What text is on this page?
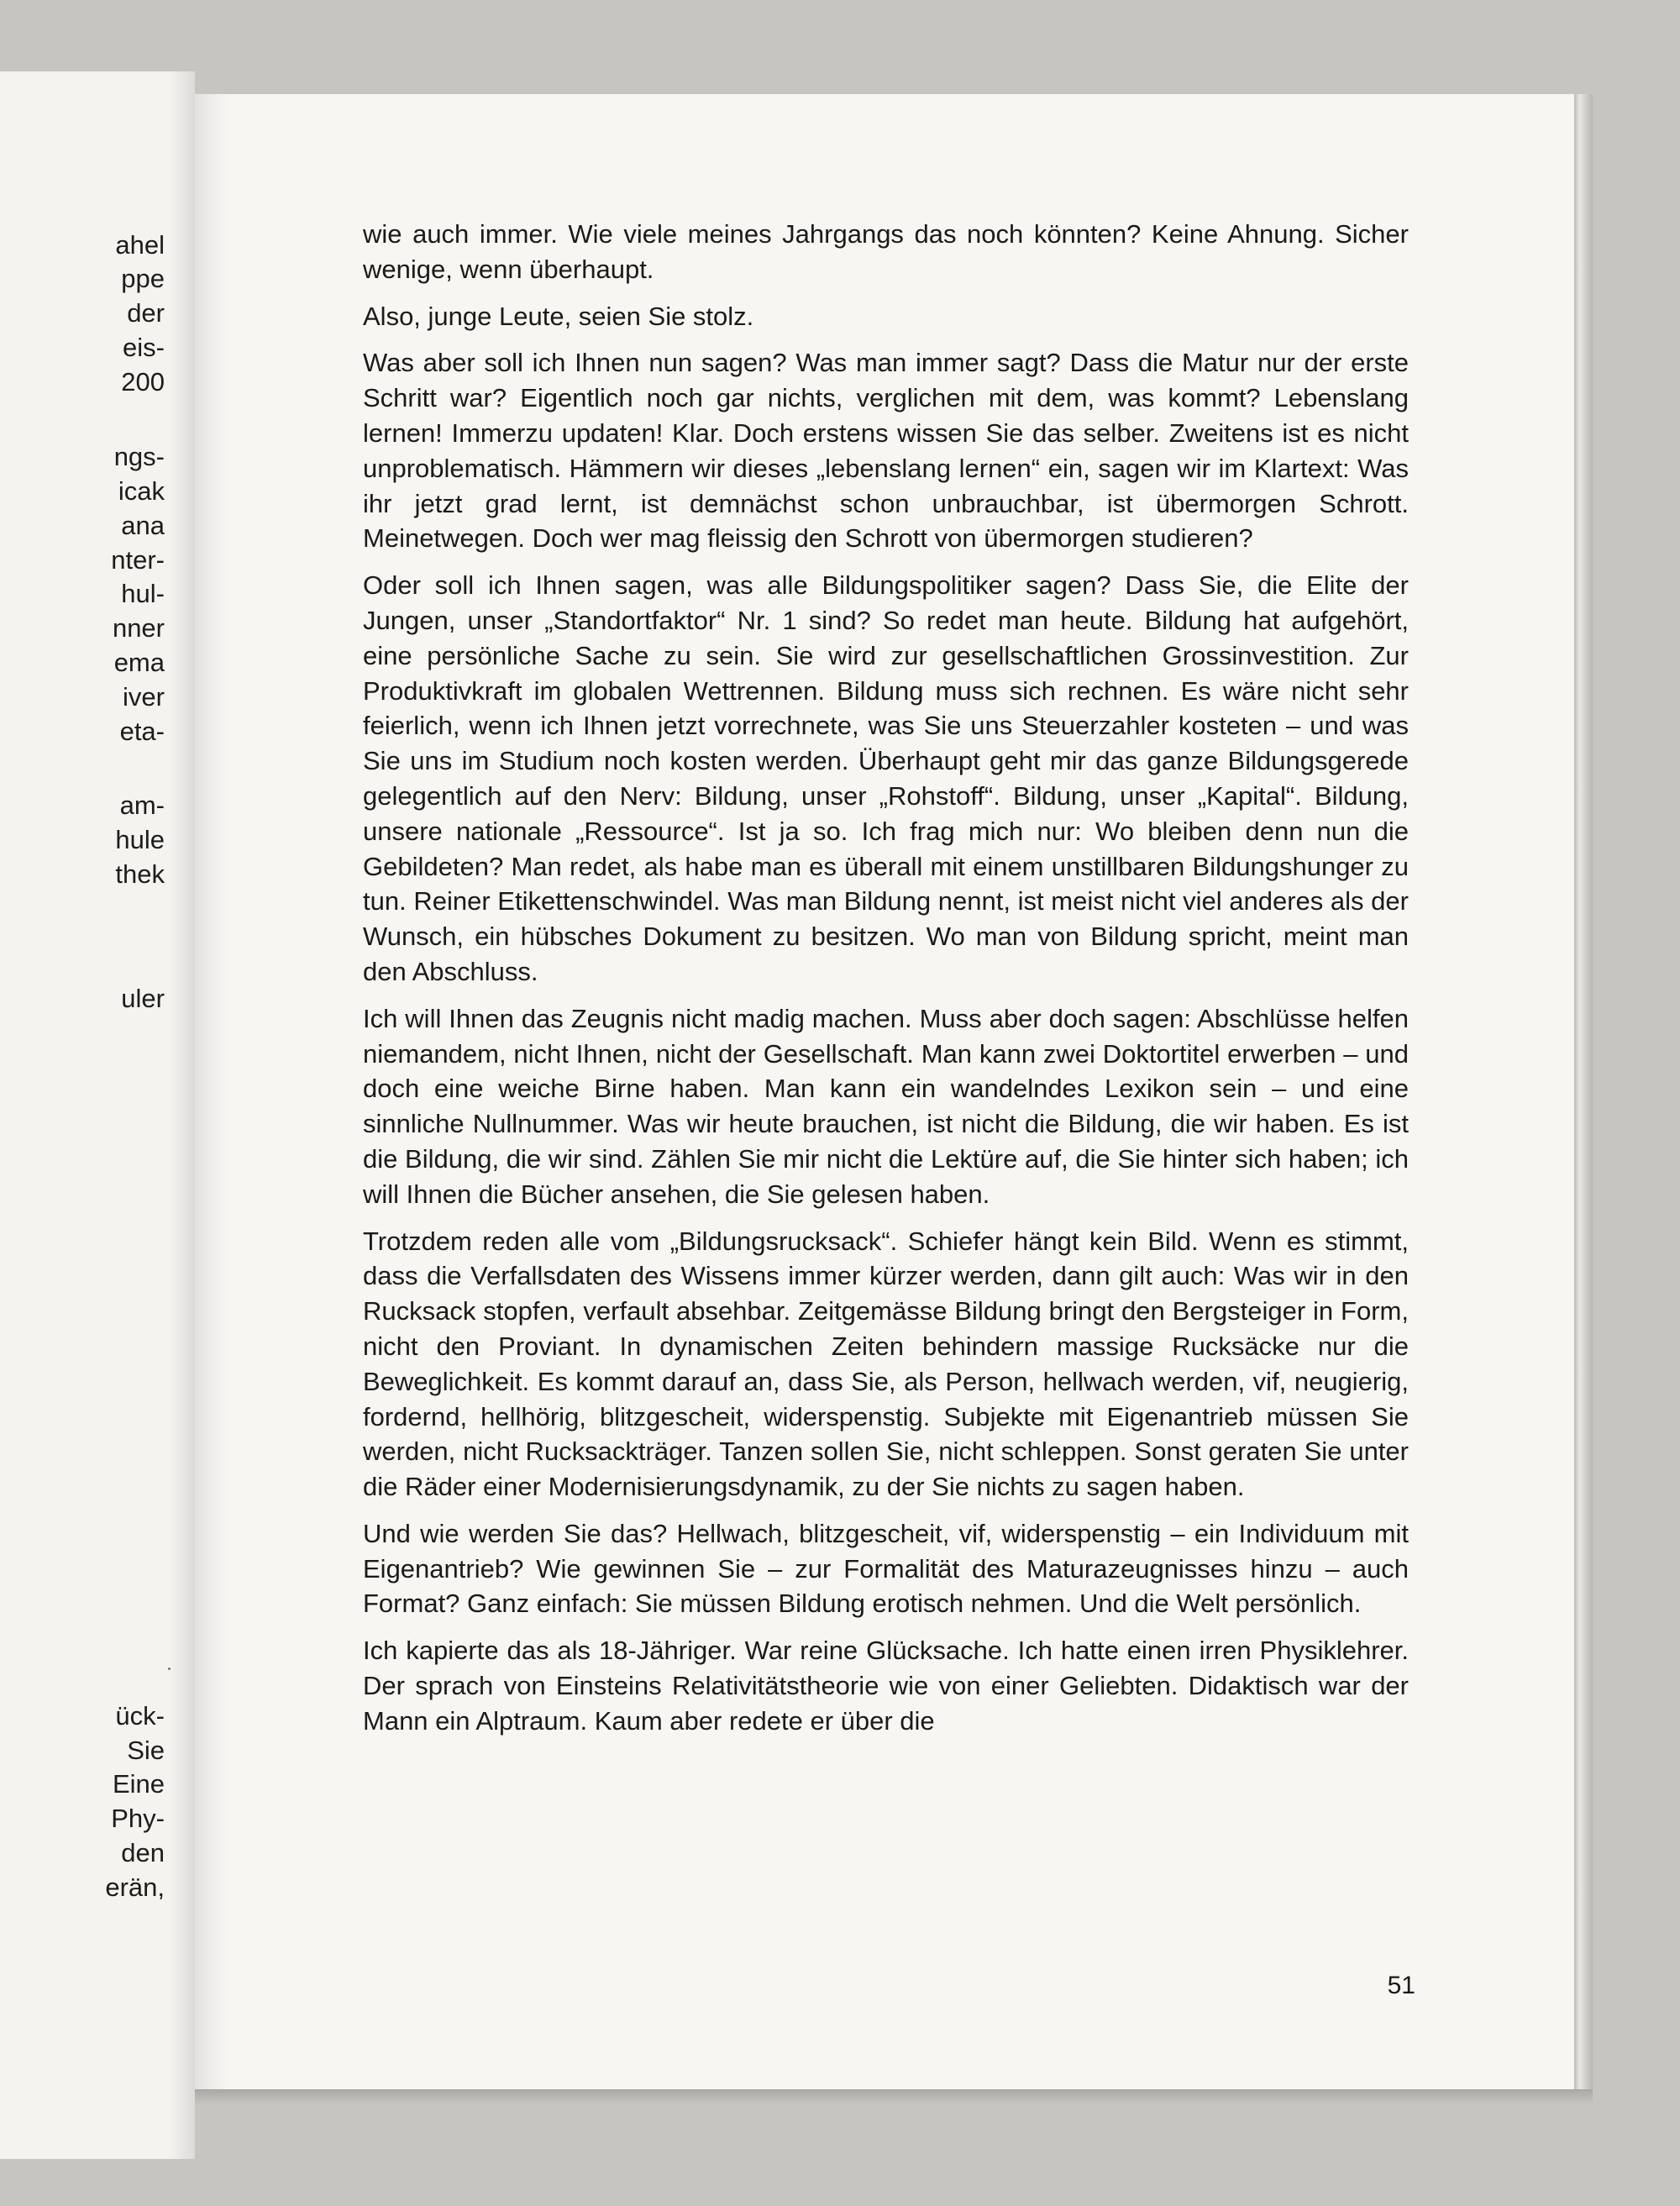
ahel
ppe
der
eis-
200
ngs-
icak
ana
nter-
hul-
nner
ema
iver
eta-
am-
hule
thek
uler
ück-
Sie
Eine
Phy-
den
erän,

wie auch immer. Wie viele meines Jahrgangs das noch könnten? Keine Ahnung. Sicher wenige, wenn überhaupt.

Also, junge Leute, seien Sie stolz.

Was aber soll ich Ihnen nun sagen? Was man immer sagt? Dass die Matur nur der erste Schritt war? Eigentlich noch gar nichts, verglichen mit dem, was kommt? Lebenslang lernen! Immerzu updaten! Klar. Doch erstens wissen Sie das selber. Zweitens ist es nicht unproblematisch. Hämmern wir dieses „lebenslang lernen“ ein, sagen wir im Klartext: Was ihr jetzt grad lernt, ist demnächst schon unbrauchbar, ist übermorgen Schrott. Meinetwegen. Doch wer mag fleissig den Schrott von übermorgen studieren?

Oder soll ich Ihnen sagen, was alle Bildungspolitiker sagen? Dass Sie, die Elite der Jungen, unser „Standortfaktor“ Nr. 1 sind? So redet man heute. Bildung hat aufgehört, eine persönliche Sache zu sein. Sie wird zur gesellschaftlichen Grossinvestition. Zur Produktivkraft im globalen Wettrennen. Bildung muss sich rechnen. Es wäre nicht sehr feierlich, wenn ich Ihnen jetzt vorrechnete, was Sie uns Steuerzahler kosteten – und was Sie uns im Studium noch kosten werden. Überhaupt geht mir das ganze Bildungsgerede gelegentlich auf den Nerv: Bildung, unser „Rohstoff“. Bildung, unser „Kapital“. Bildung, unsere nationale „Ressource“. Ist ja so. Ich frag mich nur: Wo bleiben denn nun die Gebildeten? Man redet, als habe man es überall mit einem unstillbaren Bildungshunger zu tun. Reiner Etikettenschwindel. Was man Bildung nennt, ist meist nicht viel anderes als der Wunsch, ein hübsches Dokument zu besitzen. Wo man von Bildung spricht, meint man den Abschluss.

Ich will Ihnen das Zeugnis nicht madig machen. Muss aber doch sagen: Abschlüsse helfen niemandem, nicht Ihnen, nicht der Gesellschaft. Man kann zwei Doktortitel erwerben – und doch eine weiche Birne haben. Man kann ein wandelndes Lexikon sein – und eine sinnliche Nullnummer. Was wir heute brauchen, ist nicht die Bildung, die wir haben. Es ist die Bildung, die wir sind. Zählen Sie mir nicht die Lektüre auf, die Sie hinter sich haben; ich will Ihnen die Bücher ansehen, die Sie gelesen haben.

Trotzdem reden alle vom „Bildungsrucksack“. Schiefer hängt kein Bild. Wenn es stimmt, dass die Verfallsdaten des Wissens immer kürzer werden, dann gilt auch: Was wir in den Rucksack stopfen, verfault absehbar. Zeitgemässe Bildung bringt den Bergsteiger in Form, nicht den Proviant. In dynamischen Zeiten behindern massige Rucksäcke nur die Beweglichkeit. Es kommt darauf an, dass Sie, als Person, hellwach werden, vif, neugierig, fordernd, hellhörig, blitzgescheit, widerspenstig. Subjekte mit Eigenantrieb müssen Sie werden, nicht Rucksackträger. Tanzen sollen Sie, nicht schleppen. Sonst geraten Sie unter die Räder einer Modernisierungsdynamik, zu der Sie nichts zu sagen haben.

Und wie werden Sie das? Hellwach, blitzgescheit, vif, widerspenstig – ein Individuum mit Eigenantrieb? Wie gewinnen Sie – zur Formalität des Maturazeugnisses hinzu – auch Format? Ganz einfach: Sie müssen Bildung erotisch nehmen. Und die Welt persönlich.

Ich kapierte das als 18-Jähriger. War reine Glücksache. Ich hatte einen irren Physiklehrer. Der sprach von Einsteins Relativitätstheorie wie von einer Geliebten. Didaktisch war der Mann ein Alptraum. Kaum aber redete er über die

51
